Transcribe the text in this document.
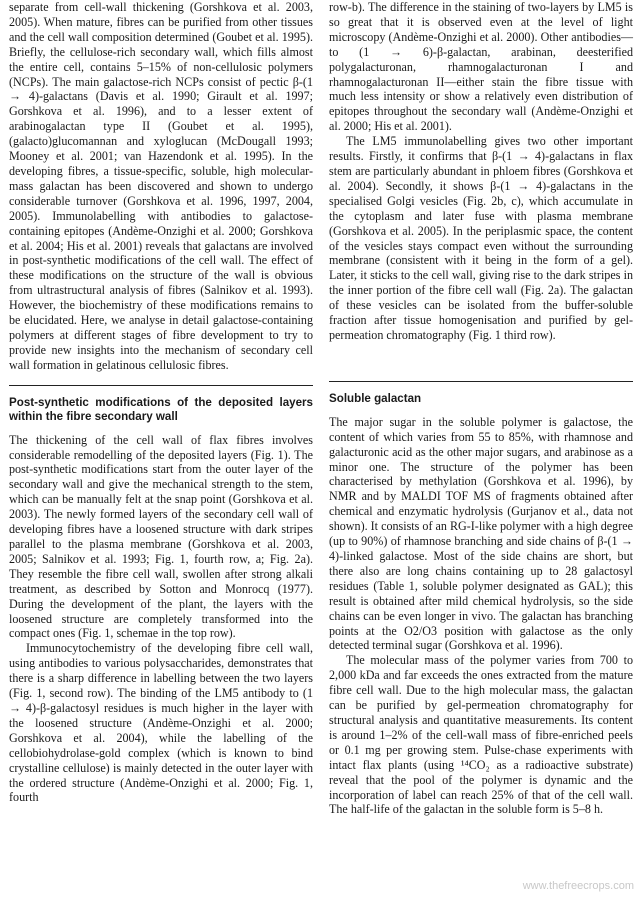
separate from cell-wall thickening (Gorshkova et al. 2003, 2005). When mature, fibres can be purified from other tissues and the cell wall composition determined (Goubet et al. 1995). Briefly, the cellulose-rich secondary wall, which fills almost the entire cell, contains 5–15% of non-cellulosic polymers (NCPs). The main galactose-rich NCPs consist of pectic β-(1 → 4)-galactans (Davis et al. 1990; Girault et al. 1997; Gorshkova et al. 1996), and to a lesser extent of arabinogalactan type II (Goubet et al. 1995), (galacto)glucomannan and xyloglucan (McDougall 1993; Mooney et al. 2001; van Hazendonk et al. 1995). In the developing fibres, a tissue-specific, soluble, high molecular-mass galactan has been discovered and shown to undergo considerable turnover (Gorshkova et al. 1996, 1997, 2004, 2005). Immunolabelling with antibodies to galactose-containing epitopes (Andème-Onzighi et al. 2000; Gorshkova et al. 2004; His et al. 2001) reveals that galactans are involved in post-synthetic modifications of the cell wall. The effect of these modifications on the structure of the wall is obvious from ultrastructural analysis of fibres (Salnikov et al. 1993). However, the biochemistry of these modifications remains to be elucidated. Here, we analyse in detail galactose-containing polymers at different stages of fibre development to try to provide new insights into the mechanism of secondary cell wall formation in gelatinous cellulosic fibres.

Post-synthetic modifications of the deposited layers within the fibre secondary wall

The thickening of the cell wall of flax fibres involves considerable remodelling of the deposited layers (Fig. 1). The post-synthetic modifications start from the outer layer of the secondary wall and give the mechanical strength to the stem, which can be manually felt at the snap point (Gorshkova et al. 2003). The newly formed layers of the secondary cell wall of developing fibres have a loosened structure with dark stripes parallel to the plasma membrane (Gorshkova et al. 2003, 2005; Salnikov et al. 1993; Fig. 1, fourth row, a; Fig. 2a). They resemble the fibre cell wall, swollen after strong alkali treatment, as described by Sotton and Monrocq (1977). During the development of the plant, the layers with the loosened structure are completely transformed into the compact ones (Fig. 1, schemae in the top row).

Immunocytochemistry of the developing fibre cell wall, using antibodies to various polysaccharides, demonstrates that there is a sharp difference in labelling between the two layers (Fig. 1, second row). The binding of the LM5 antibody to (1 → 4)-β-galactosyl residues is much higher in the layer with the loosened structure (Andème-Onzighi et al. 2000; Gorshkova et al. 2004), while the labelling of the cellobiohydrolase-gold complex (which is known to bind crystalline cellulose) is mainly detected in the outer layer with the ordered structure (Andème-Onzighi et al. 2000; Fig. 1, fourth

row-b). The difference in the staining of two-layers by LM5 is so great that it is observed even at the level of light microscopy (Andème-Onzighi et al. 2000). Other antibodies—to (1 → 6)-β-galactan, arabinan, deesterified polygalacturonan, rhamnogalacturonan I and rhamnogalacturonan II—either stain the fibre tissue with much less intensity or show a relatively even distribution of epitopes throughout the secondary wall (Andème-Onzighi et al. 2000; His et al. 2001).

The LM5 immunolabelling gives two other important results. Firstly, it confirms that β-(1 → 4)-galactans in flax stem are particularly abundant in phloem fibres (Gorshkova et al. 2004). Secondly, it shows β-(1 → 4)-galactans in the specialised Golgi vesicles (Fig. 2b, c), which accumulate in the cytoplasm and later fuse with plasma membrane (Gorshkova et al. 2005). In the periplasmic space, the content of the vesicles stays compact even without the surrounding membrane (consistent with it being in the form of a gel). Later, it sticks to the cell wall, giving rise to the dark stripes in the inner portion of the fibre cell wall (Fig. 2a). The galactan of these vesicles can be isolated from the buffer-soluble fraction after tissue homogenisation and purified by gel-permeation chromatography (Fig. 1 third row).

Soluble galactan

The major sugar in the soluble polymer is galactose, the content of which varies from 55 to 85%, with rhamnose and galacturonic acid as the other major sugars, and arabinose as a minor one. The structure of the polymer has been characterised by methylation (Gorshkova et al. 1996), by NMR and by MALDI TOF MS of fragments obtained after chemical and enzymatic hydrolysis (Gurjanov et al., data not shown). It consists of an RG-I-like polymer with a high degree (up to 90%) of rhamnose branching and side chains of β-(1 → 4)-linked galactose. Most of the side chains are short, but there also are long chains containing up to 28 galactosyl residues (Table 1, soluble polymer designated as GAL); this result is obtained after mild chemical hydrolysis, so the side chains can be even longer in vivo. The galactan has branching points at the O2/O3 position with galactose as the only detected terminal sugar (Gorshkova et al. 1996).

The molecular mass of the polymer varies from 700 to 2,000 kDa and far exceeds the ones extracted from the mature fibre cell wall. Due to the high molecular mass, the galactan can be purified by gel-permeation chromatography for structural analysis and quantitative measurements. Its content is around 1–2% of the cell-wall mass of fibre-enriched peels or 0.1 mg per growing stem. Pulse-chase experiments with intact flax plants (using ¹⁴CO₂ as a radioactive substrate) reveal that the pool of the polymer is dynamic and the incorporation of label can reach 25% of that of the cell wall. The half-life of the galactan in the soluble form is 5–8 h.

www.thefreecrops.com
